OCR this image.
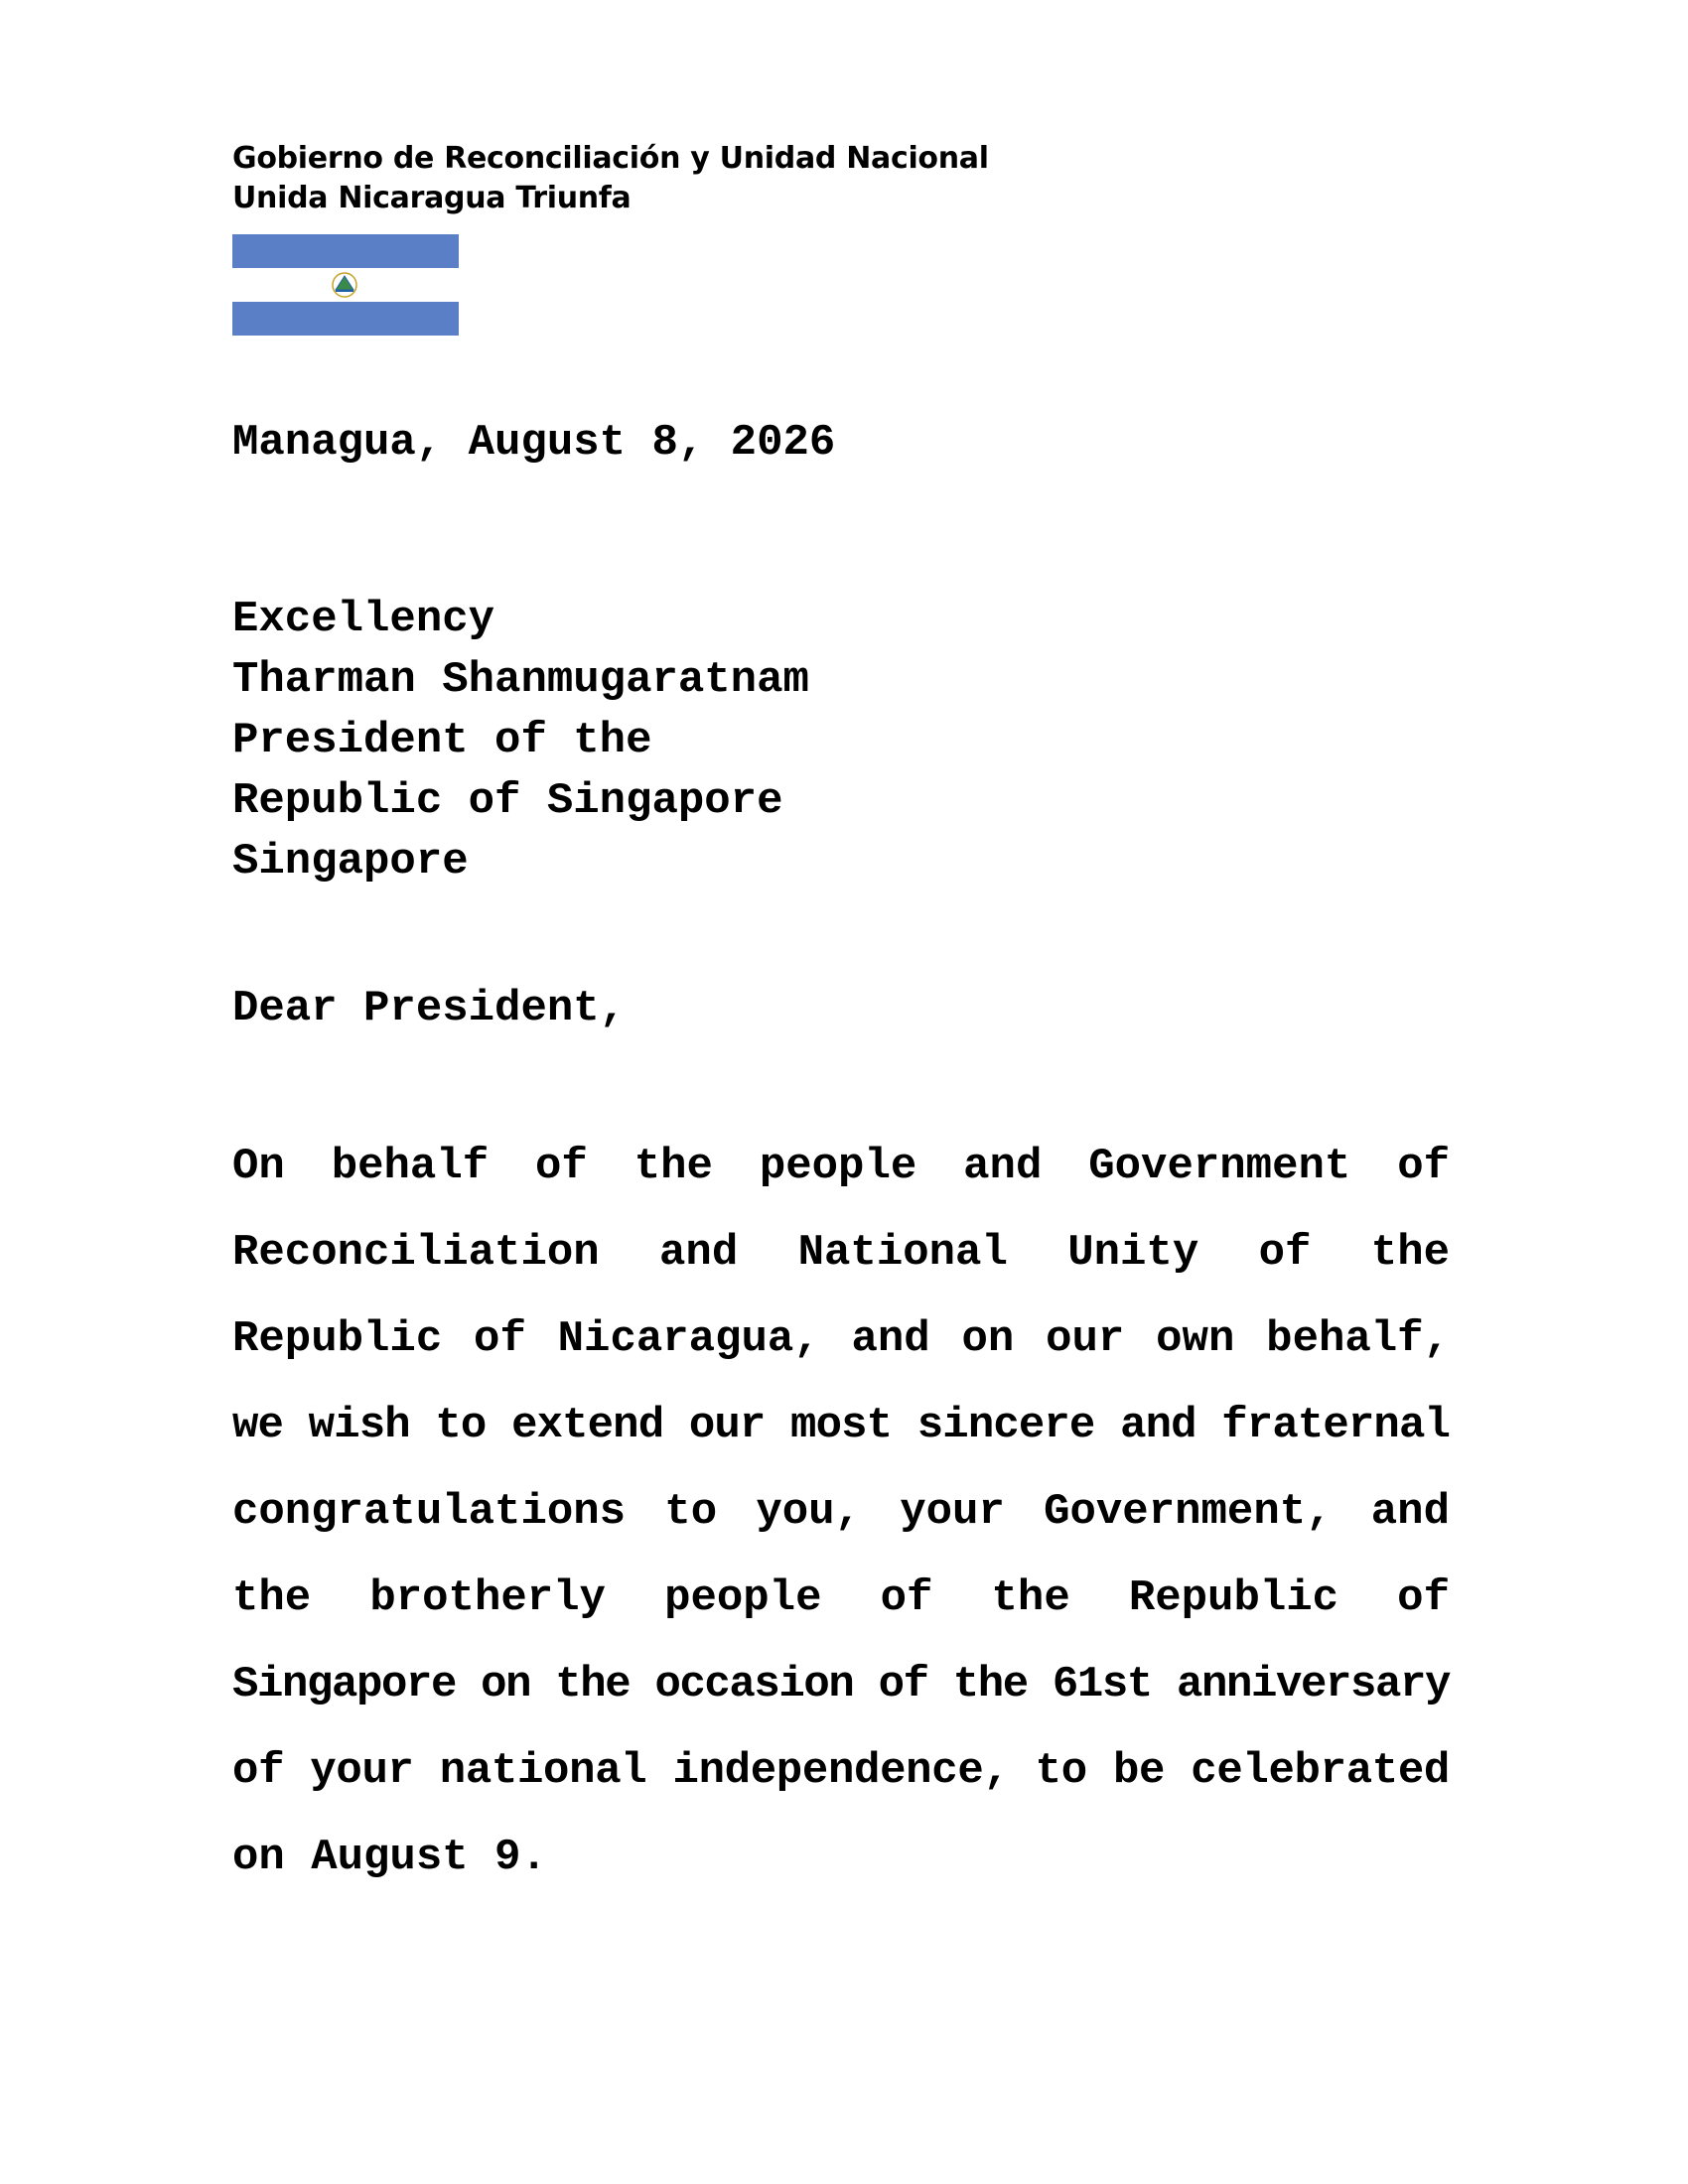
Gobierno de Reconciliación y Unidad Nacional
Unida Nicaragua Triunfa
Managua, August 8, 2026
Excellency
Tharman Shanmugaratnam
President of the
Republic of Singapore
Singapore
Dear President,
On behalf of the people and Government of
Reconciliation and National Unity of the
Republic of Nicaragua, and on our own behalf,
we wish to extend our most sincere and fraternal
congratulations to you, your Government, and
the brotherly people of the Republic of
Singapore on the occasion of the 61st anniversary
of your national independence, to be celebrated
on August 9.
